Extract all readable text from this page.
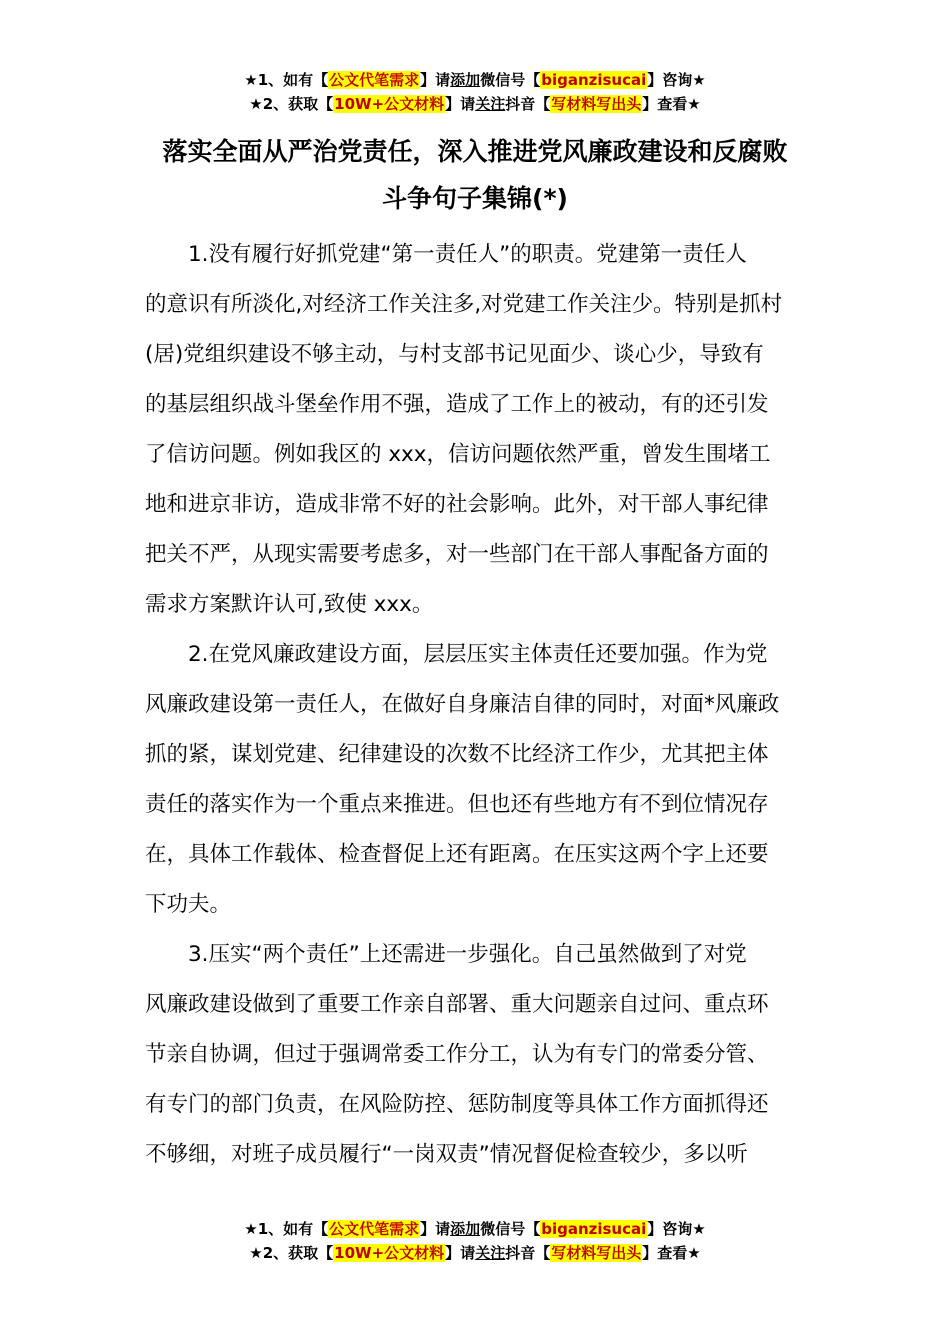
★1、如有【公文代笔需求】请添加微信号【biganzisucai】咨询★
★2、获取【10W+公文材料】请关注抖音【写材料写出头】查看★
落实全面从严治党责任，深入推进党风廉政建设和反腐败
斗争句子集锦(*)
1.没有履行好抓党建“第一责任人”的职责。党建第一责任人
的意识有所淡化,对经济工作关注多,对党建工作关注少。特别是抓村
(居)党组织建设不够主动，与村支部书记见面少、谈心少，导致有
的基层组织战斗堡垒作用不强，造成了工作上的被动，有的还引发
了信访问题。例如我区的 xxx，信访问题依然严重，曾发生围堵工
地和进京非访，造成非常不好的社会影响。此外，对干部人事纪律
把关不严，从现实需要考虑多，对一些部门在干部人事配备方面的
需求方案默许认可,致使 xxx。
2.在党风廉政建设方面，层层压实主体责任还要加强。作为党
风廉政建设第一责任人，在做好自身廉洁自律的同时，对面*风廉政
抓的紧，谋划党建、纪律建设的次数不比经济工作少，尤其把主体
责任的落实作为一个重点来推进。但也还有些地方有不到位情况存
在，具体工作载体、检查督促上还有距离。在压实这两个字上还要
下功夫。
3.压实“两个责任”上还需进一步强化。自己虽然做到了对党
风廉政建设做到了重要工作亲自部署、重大问题亲自过问、重点环
节亲自协调，但过于强调常委工作分工，认为有专门的常委分管、
有专门的部门负责，在风险防控、惩防制度等具体工作方面抓得还
不够细，对班子成员履行“一岗双责”情况督促检查较少，多以听
★1、如有【公文代笔需求】请添加微信号【biganzisucai】咨询★
★2、获取【10W+公文材料】请关注抖音【写材料写出头】查看★
